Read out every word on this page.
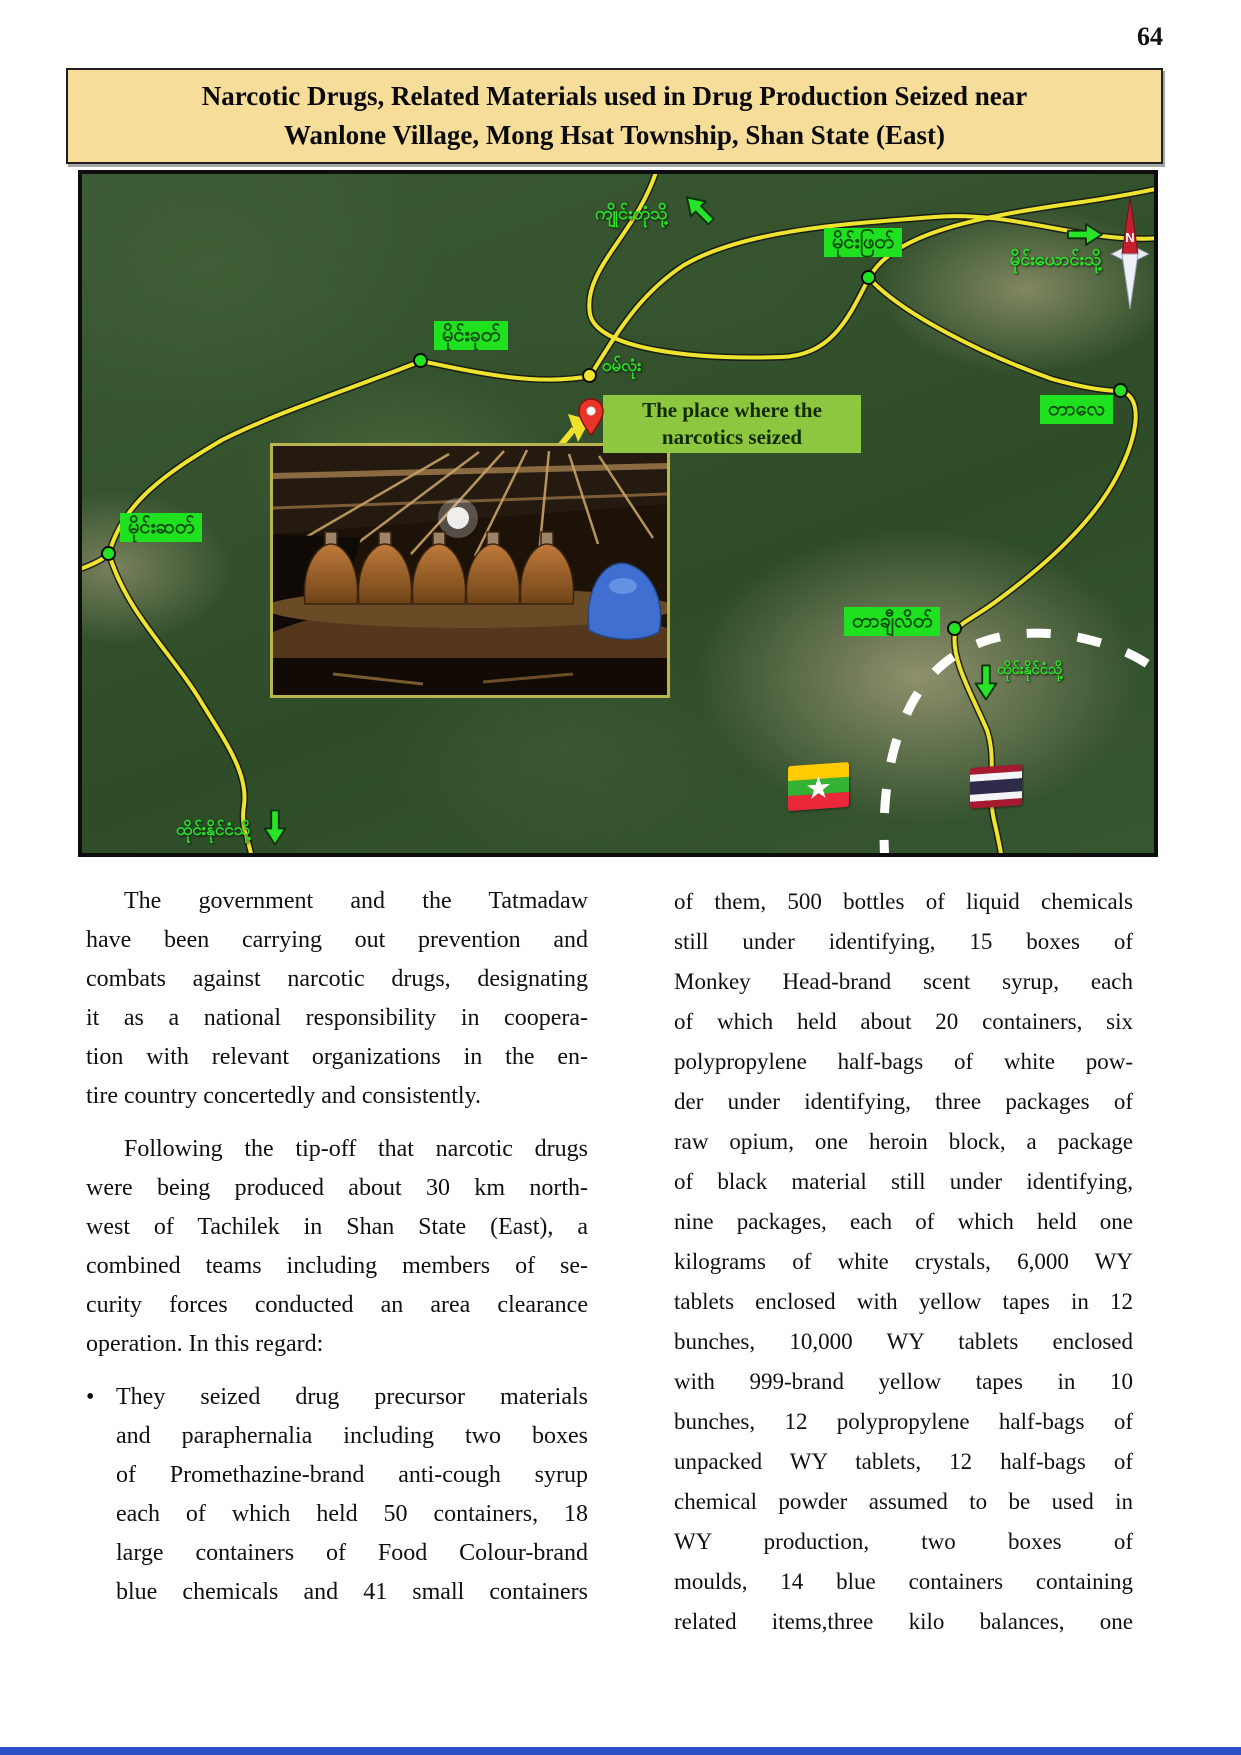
64
Narcotic Drugs, Related Materials used in Drug Production Seized near
Wanlone Village, Mong Hsat Township, Shan State (East)
The place where the
narcotics seized
မိုင်းဖြတ်
မိုင်းခုတ်
မိုင်းဆတ်
တာလေ
တာချီလိတ်
ကျိုင်းတုံသို့
မိုင်းယောင်းသို့
ဝမ်လုံး
ထိုင်းနိုင်ငံသို့
ထိုင်းနိုင်ငံသို့
N
★
The government and the Tatmadaw
have been carrying out prevention and
combats against narcotic drugs, designating
it as a national responsibility in coopera-
tion with relevant organizations in the en-
tire country concertedly and consistently.
Following the tip-off that narcotic drugs
were being produced about 30 km north-
west of Tachilek in Shan State (East), a
combined teams including members of se-
curity forces conducted an area clearance
operation. In this regard:
• They seized drug precursor materials
and paraphernalia including two boxes
of Promethazine-brand anti-cough syrup
each of which held 50 containers, 18
large containers of Food Colour-brand
blue chemicals and 41 small containers
of them, 500 bottles of liquid chemicals
still under identifying, 15 boxes of
Monkey Head-brand scent syrup, each
of which held about 20 containers, six
polypropylene half-bags of white pow-
der under identifying, three packages of
raw opium, one heroin block, a package
of black material still under identifying,
nine packages, each of which held one
kilograms of white crystals, 6,000 WY
tablets enclosed with yellow tapes in 12
bunches, 10,000 WY tablets enclosed
with 999-brand yellow tapes in 10
bunches, 12 polypropylene half-bags of
unpacked WY tablets, 12 half-bags of
chemical powder assumed to be used in
WY production, two boxes of
moulds, 14 blue containers containing
related items,three kilo balances, one
